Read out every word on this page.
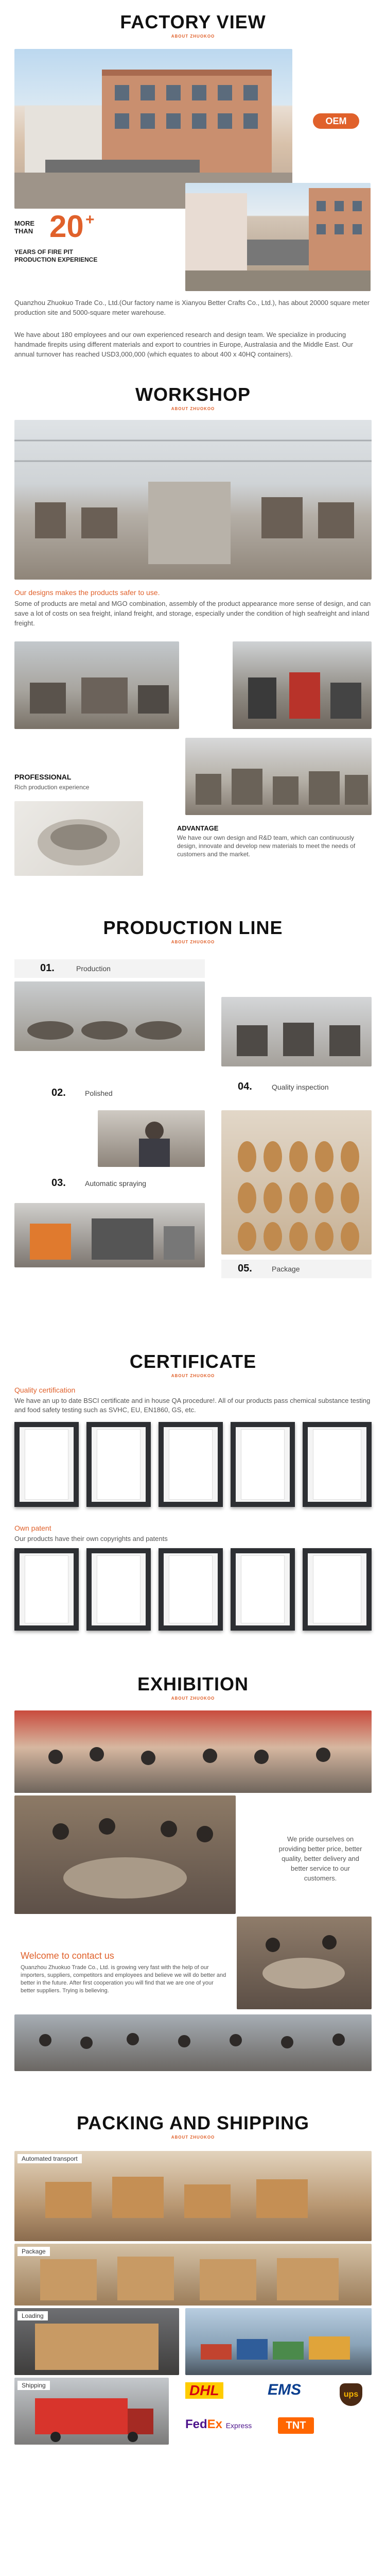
FACTORY VIEW
ABOUT ZHUOKOO
OEM
MORE THAN 20 +
YEARS OF FIRE PIT PRODUCTION EXPERIENCE
Quanzhou Zhuokuo Trade Co., Ltd.(Our factory name is Xianyou Better Crafts Co., Ltd.), has about 20000 square meter production site and 5000-square meter warehouse.
We have about 180 employees and our own experienced research and design team. We specialize in producing handmade firepits using different materials and export to countries in Europe, Australasia and the Middle East. Our annual turnover has reached USD3,000,000 (which equates to about 400 x 40HQ containers).
WORKSHOP
ABOUT ZHUOKOO
Our designs makes the products safer to use.
Some of products are metal and MGO combination, assembly of the product appearance more sense of design, and can save a lot of costs on sea freight, inland freight, and storage, especially under the condition of high seafreight and inland freight.
PROFESSIONAL
Rich production experience
ADVANTAGE
We have our own design and R&D team, which can continuously design, innovate and develop new materials to meet the needs of customers and the market.
PRODUCTION LINE
ABOUT ZHUOKOO
01.	Production
02.	Polished
03.	Automatic spraying
04.	Quality inspection
05.	Package
CERTIFICATE
ABOUT ZHUOKOO
Quality certification
We have an up to date BSCI certificate and in house QA procedure!. All of our products pass chemical substance testing and food safety testing such as SVHC, EU, EN1860, GS, etc.
Own patent
Our products have their own copyrights and patents
EXHIBITION
ABOUT ZHUOKOO
We pride ourselves on providing better price, better quality, better delivery and better service to our customers.
Welcome to contact us
Quanzhou Zhuokuo Trade Co., Ltd. is growing very fast with the help of our importers, suppliers, competitors and employees and believe we will do better and better in the future. After first cooperation you will find that we are one of your better suppliers. Trying is believing.
PACKING AND SHIPPING
ABOUT ZHUOKOO
Automated transport
Package
Loading
Shipping	DHL	EMS	ups
FedEx Express	TNT
